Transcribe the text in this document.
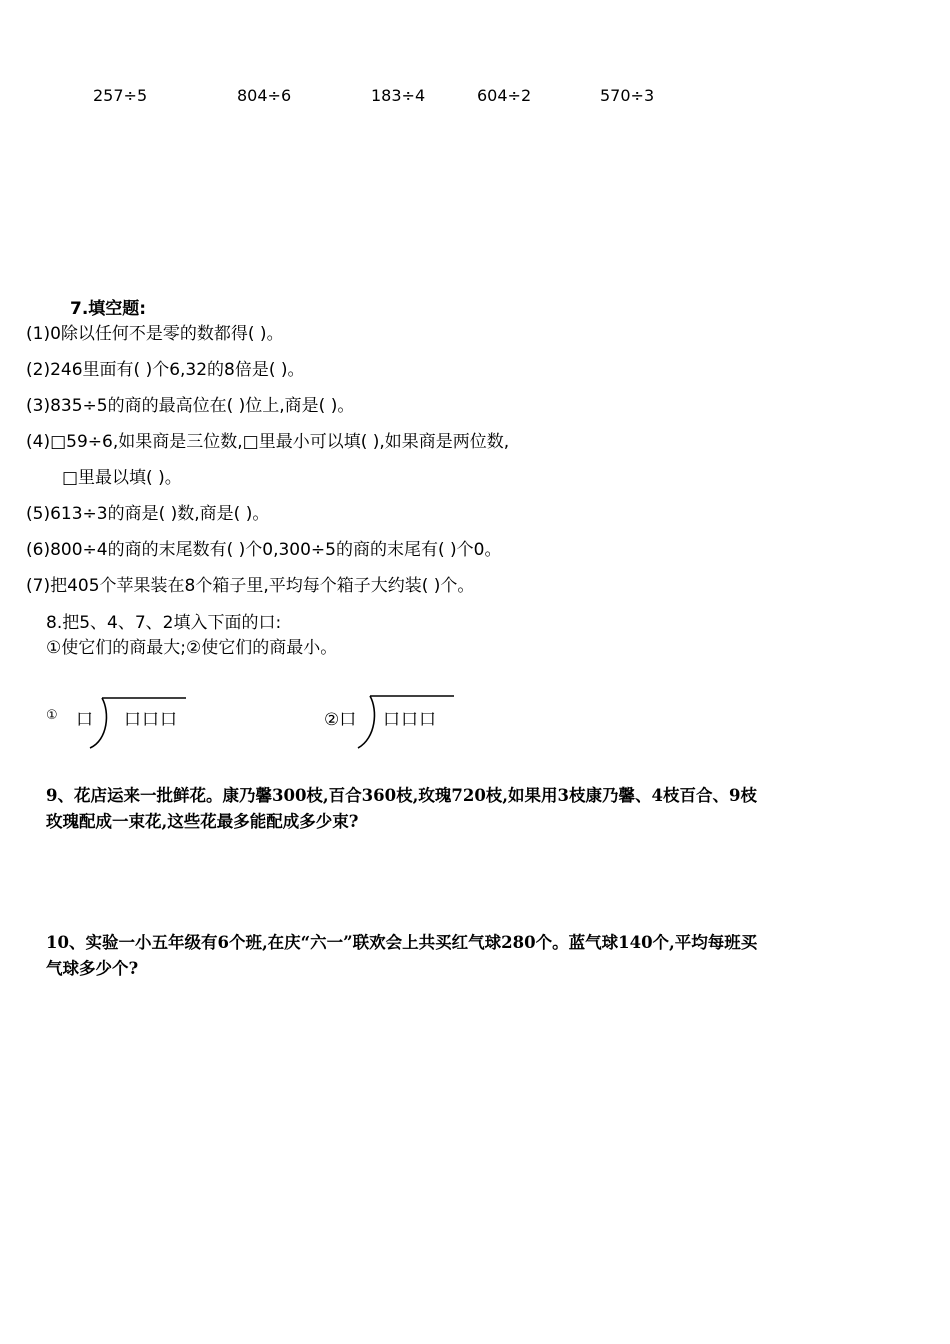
257÷5	804÷6	183÷4	604÷2	570÷3
7.填空题:
(1)0除以任何不是零的数都得( )。
(2)246里面有( )个6,32的8倍是( )。
(3)835÷5的商的最高位在( )位上,商是( )。
(4)□59÷6,如果商是三位数,□里最小可以填( ),如果商是两位数,
□里最以填( )。
(5)613÷3的商是( )数,商是( )。
(6)800÷4的商的末尾数有( )个0,300÷5的商的末尾有( )个0。
(7)把405个苹果装在8个箱子里,平均每个箱子大约装( )个。
8.把5、4、7、2填入下面的口:
①使它们的商最大;②使它们的商最小。
① 口 口口口	②口 口口口
9、花店运来一批鲜花。康乃馨300枝,百合360枝,玫瑰720枝,如果用3枝康乃馨、4枝百合、9枝
玫瑰配成一束花,这些花最多能配成多少束?
10、实验一小五年级有6个班,在庆“六一”联欢会上共买红气球280个。蓝气球140个,平均每班买
气球多少个?
